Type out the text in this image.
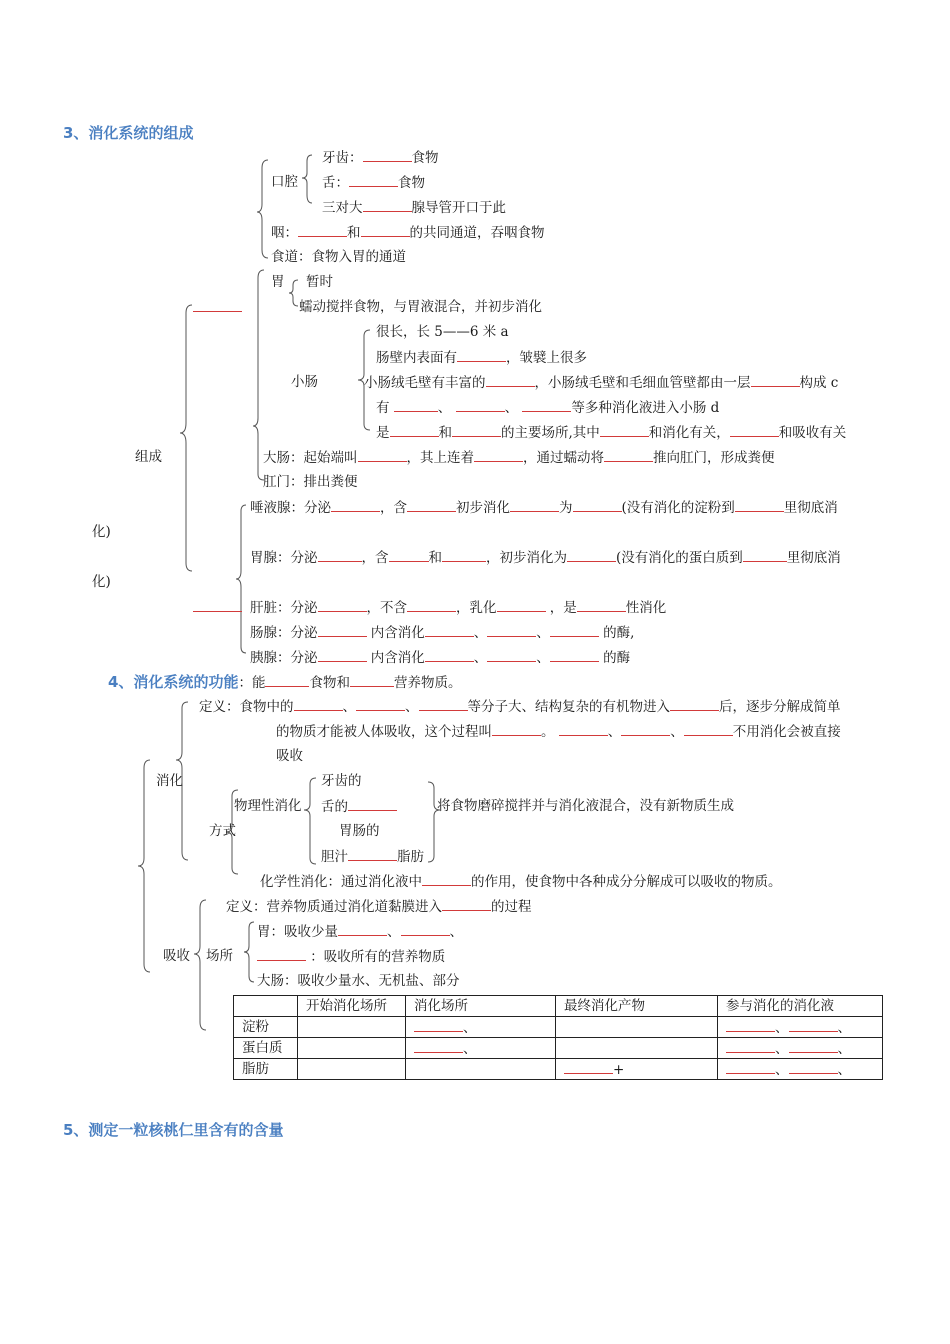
3、消化系统的组成
口腔
牙齿：	食物
舌：	食物
三对大	腺导管开口于此
咽：	和	的共同通道，吞咽食物
食道：食物入胃的通道
胃 暂时
蠕动搅拌食物，与胃液混合，并初步消化
小肠
很长，长 5——6 米 a
肠壁内表面有	，皱襞上很多
小肠绒毛壁有丰富的	，小肠绒毛壁和毛细血管壁都由一层	构成 c
有	、	、	等多种消化液进入小肠 d
是	和	的主要场所,其中	和消化有关，	和吸收有关
大肠：起始端叫	，其上连着	，通过蠕动将	推向肛门，形成粪便
肛门：排出粪便
组成
唾液腺：分泌	，含	初步消化	为	(没有消化的淀粉到	里彻底消
化)
胃腺：分泌	，含	和	，初步消化为	(没有消化的蛋白质到	里彻底消
化)
肝脏：分泌	，不含	，乳化	，是	性消化
肠腺：分泌	内含消化	、	、	的酶,
胰腺：分泌	内含消化	、	、	的酶
4、消化系统的功能：能	食物和	营养物质。
消化
定义：食物中的	、	、	等分子大、结构复杂的有机物进入	后，逐步分解成简单
的物质才能被人体吸收，这个过程叫	。	、	、	不用消化会被直接
吸收
方式
物理性消化
牙齿的
舌的
胃肠的
胆汁	脂肪
将食物磨碎搅拌并与消化液混合，没有新物质生成
化学性消化：通过消化液中	的作用，使食物中各种成分分解成可以吸收的物质。
吸收
定义：营养物质通过消化道黏膜进入	的过程
场所
胃：吸收少量	、	、
：吸收所有的营养物质
大肠：吸收少量水、无机盐、部分
	开始消化场所	消化场所	最终消化产物	参与消化的消化液
淀粉		、		、 、
蛋白质		、		、 、
脂肪			+	、 、
5、测定一粒核桃仁里含有的含量
